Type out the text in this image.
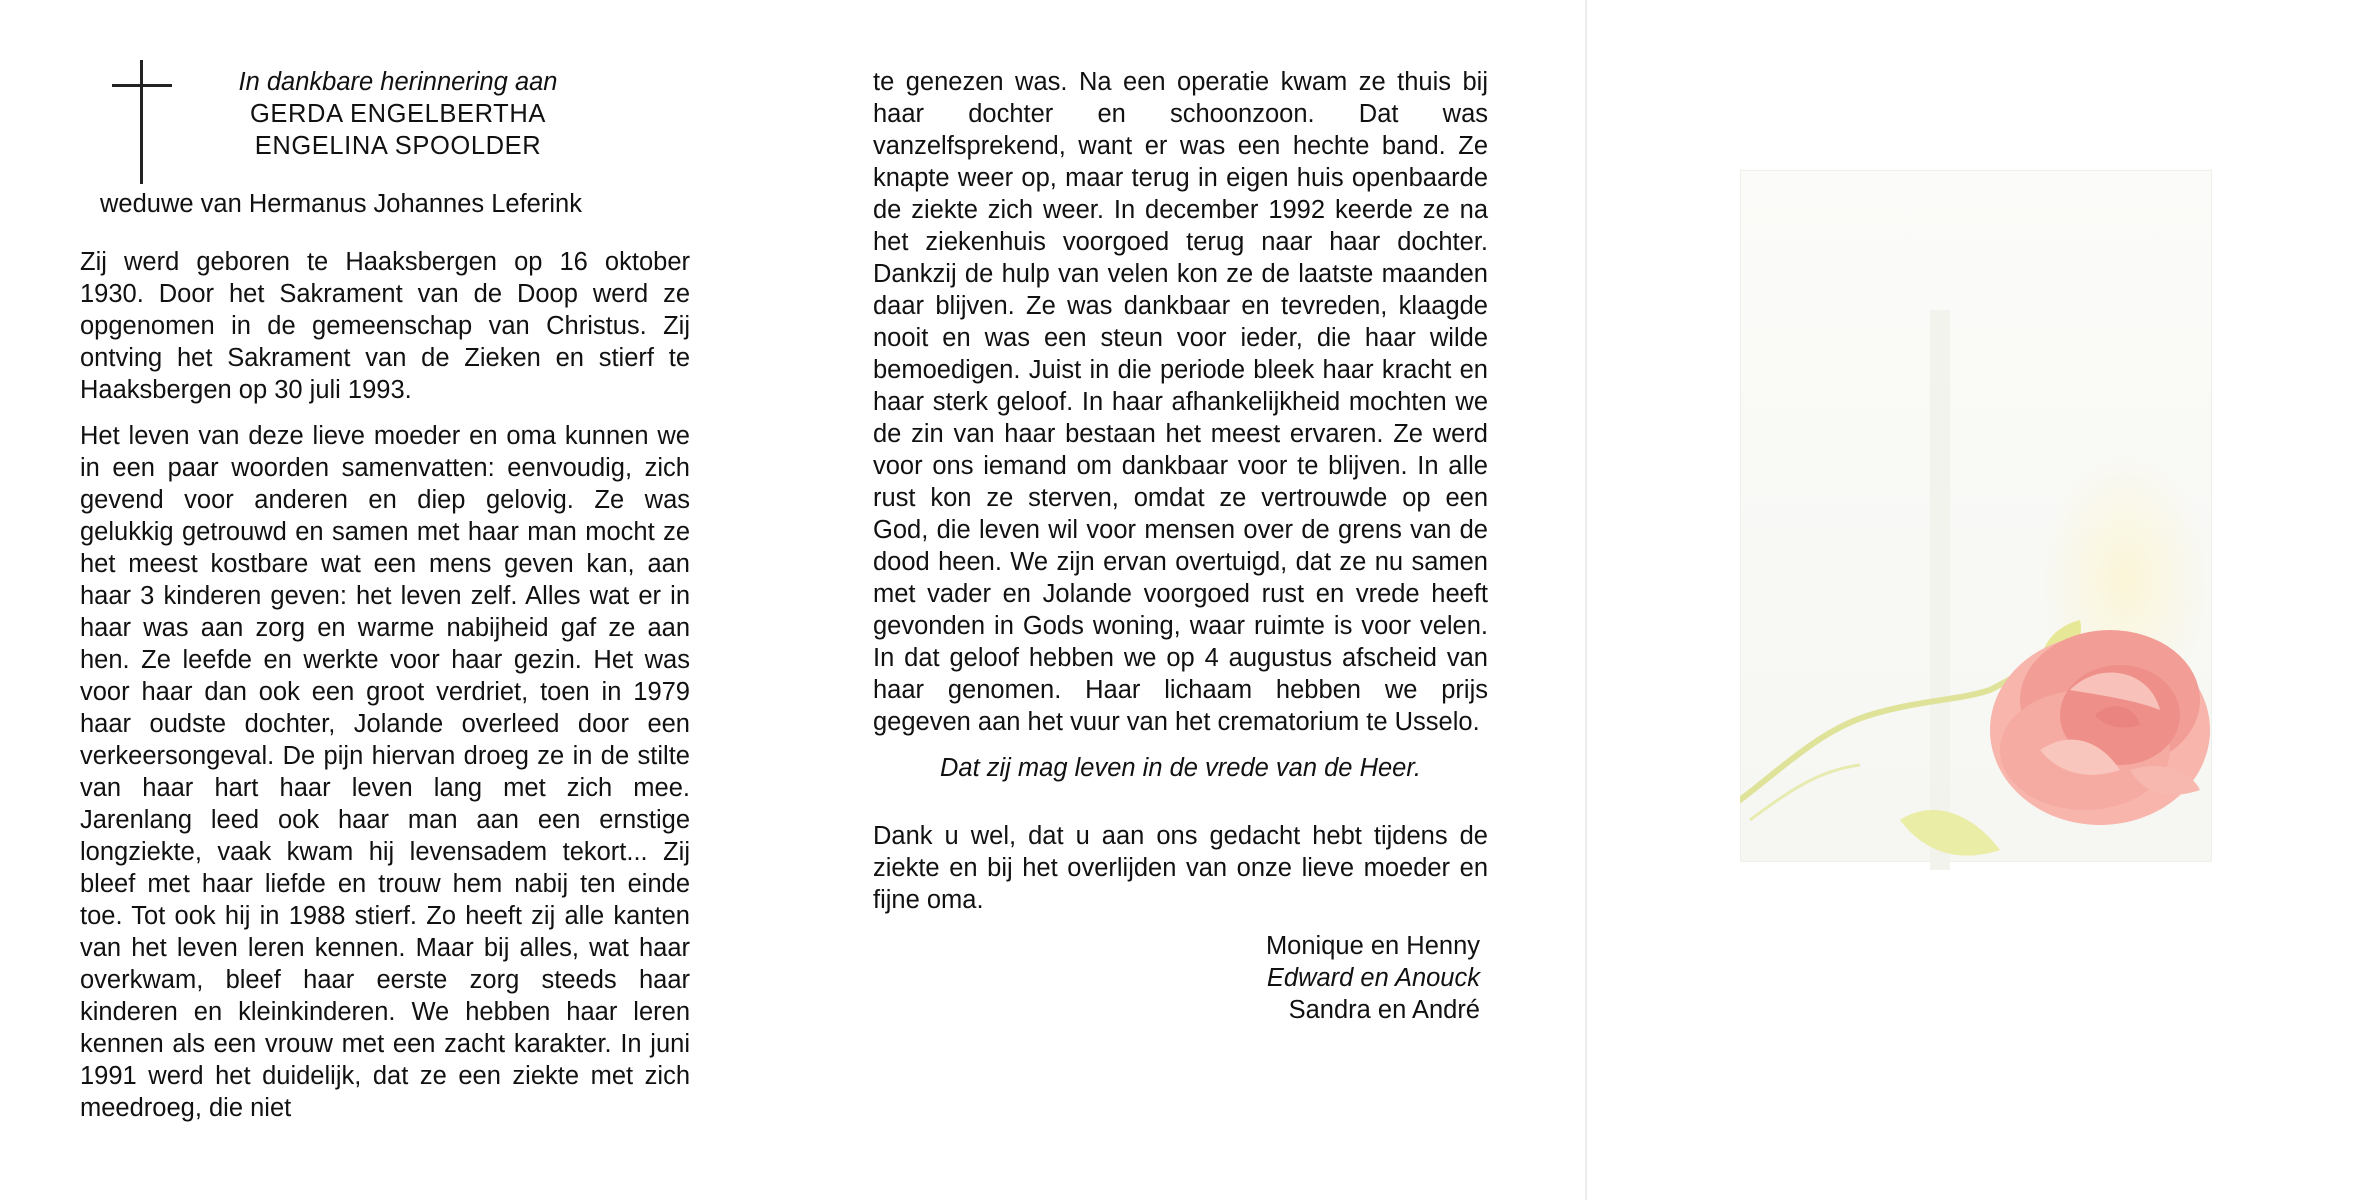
In dankbare herinnering aan
GERDA ENGELBERTHA
ENGELINA SPOOLDER
weduwe van Hermanus Johannes Leferink

Zij werd geboren te Haaksbergen op 16 oktober 1930. Door het Sakrament van de Doop werd ze opgenomen in de gemeenschap van Christus. Zij ontving het Sakrament van de Zieken en stierf te Haaksbergen op 30 juli 1993.

Het leven van deze lieve moeder en oma kunnen we in een paar woorden samenvatten: eenvoudig, zich gevend voor anderen en diep gelovig. Ze was gelukkig getrouwd en samen met haar man mocht ze het meest kostbare wat een mens geven kan, aan haar 3 kinderen geven: het leven zelf. Alles wat er in haar was aan zorg en warme nabijheid gaf ze aan hen. Ze leefde en werkte voor haar gezin. Het was voor haar dan ook een groot verdriet, toen in 1979 haar oudste dochter, Jolande overleed door een verkeersongeval. De pijn hiervan droeg ze in de stilte van haar hart haar leven lang met zich mee. Jarenlang leed ook haar man aan een ernstige longziekte, vaak kwam hij levensadem tekort... Zij bleef met haar liefde en trouw hem nabij ten einde toe. Tot ook hij in 1988 stierf. Zo heeft zij alle kanten van het leven leren kennen. Maar bij alles, wat haar overkwam, bleef haar eerste zorg steeds haar kinderen en kleinkinderen. We hebben haar leren kennen als een vrouw met een zacht karakter. In juni 1991 werd het duidelijk, dat ze een ziekte met zich meedroeg, die niet

te genezen was. Na een operatie kwam ze thuis bij haar dochter en schoonzoon. Dat was vanzelfsprekend, want er was een hechte band. Ze knapte weer op, maar terug in eigen huis openbaarde de ziekte zich weer. In december 1992 keerde ze na het ziekenhuis voorgoed terug naar haar dochter. Dankzij de hulp van velen kon ze de laatste maanden daar blijven. Ze was dankbaar en tevreden, klaagde nooit en was een steun voor ieder, die haar wilde bemoedigen. Juist in die periode bleek haar kracht en haar sterk geloof. In haar afhankelijkheid mochten we de zin van haar bestaan het meest ervaren. Ze werd voor ons iemand om dankbaar voor te blijven. In alle rust kon ze sterven, omdat ze vertrouwde op een God, die leven wil voor mensen over de grens van de dood heen. We zijn ervan overtuigd, dat ze nu samen met vader en Jolande voorgoed rust en vrede heeft gevonden in Gods woning, waar ruimte is voor velen. In dat geloof hebben we op 4 augustus afscheid van haar genomen. Haar lichaam hebben we prijs gegeven aan het vuur van het crematorium te Usselo.

Dat zij mag leven in de vrede van de Heer.
Dank u wel, dat u aan ons gedacht hebt tijdens de ziekte en bij het overlijden van onze lieve moeder en fijne oma.
Monique en Henny
Edward en Anouck
Sandra en André
